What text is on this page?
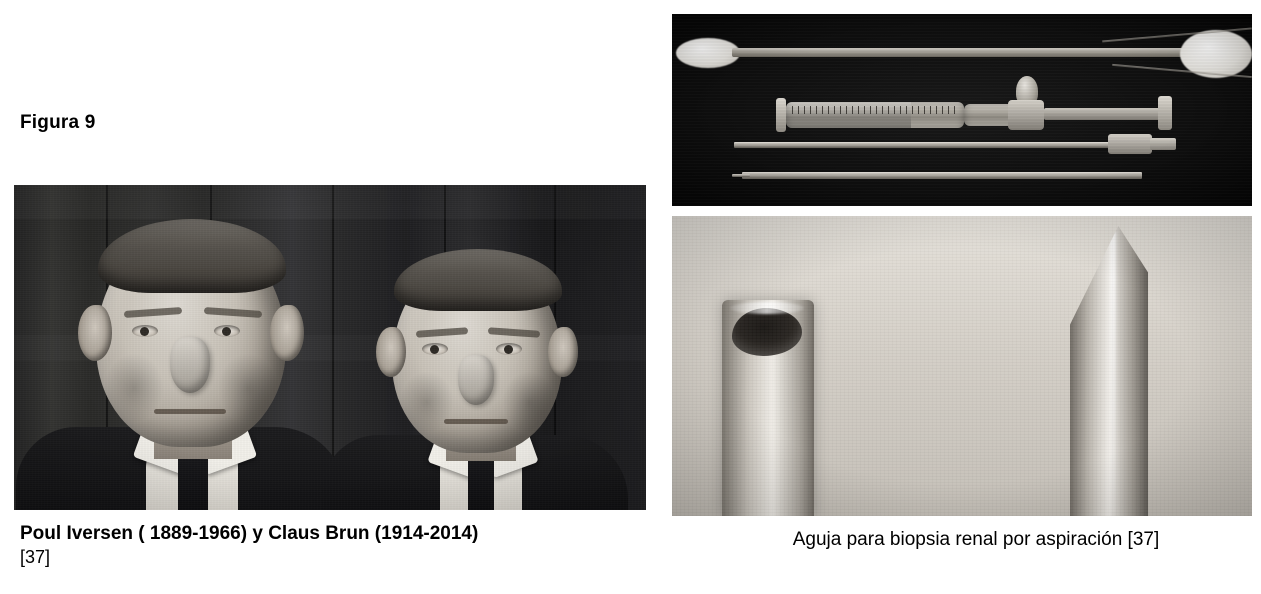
Figura 9
Poul Iversen ( 1889-1966) y Claus Brun (1914-2014)
[37]
Aguja para biopsia renal por aspiración [37]
